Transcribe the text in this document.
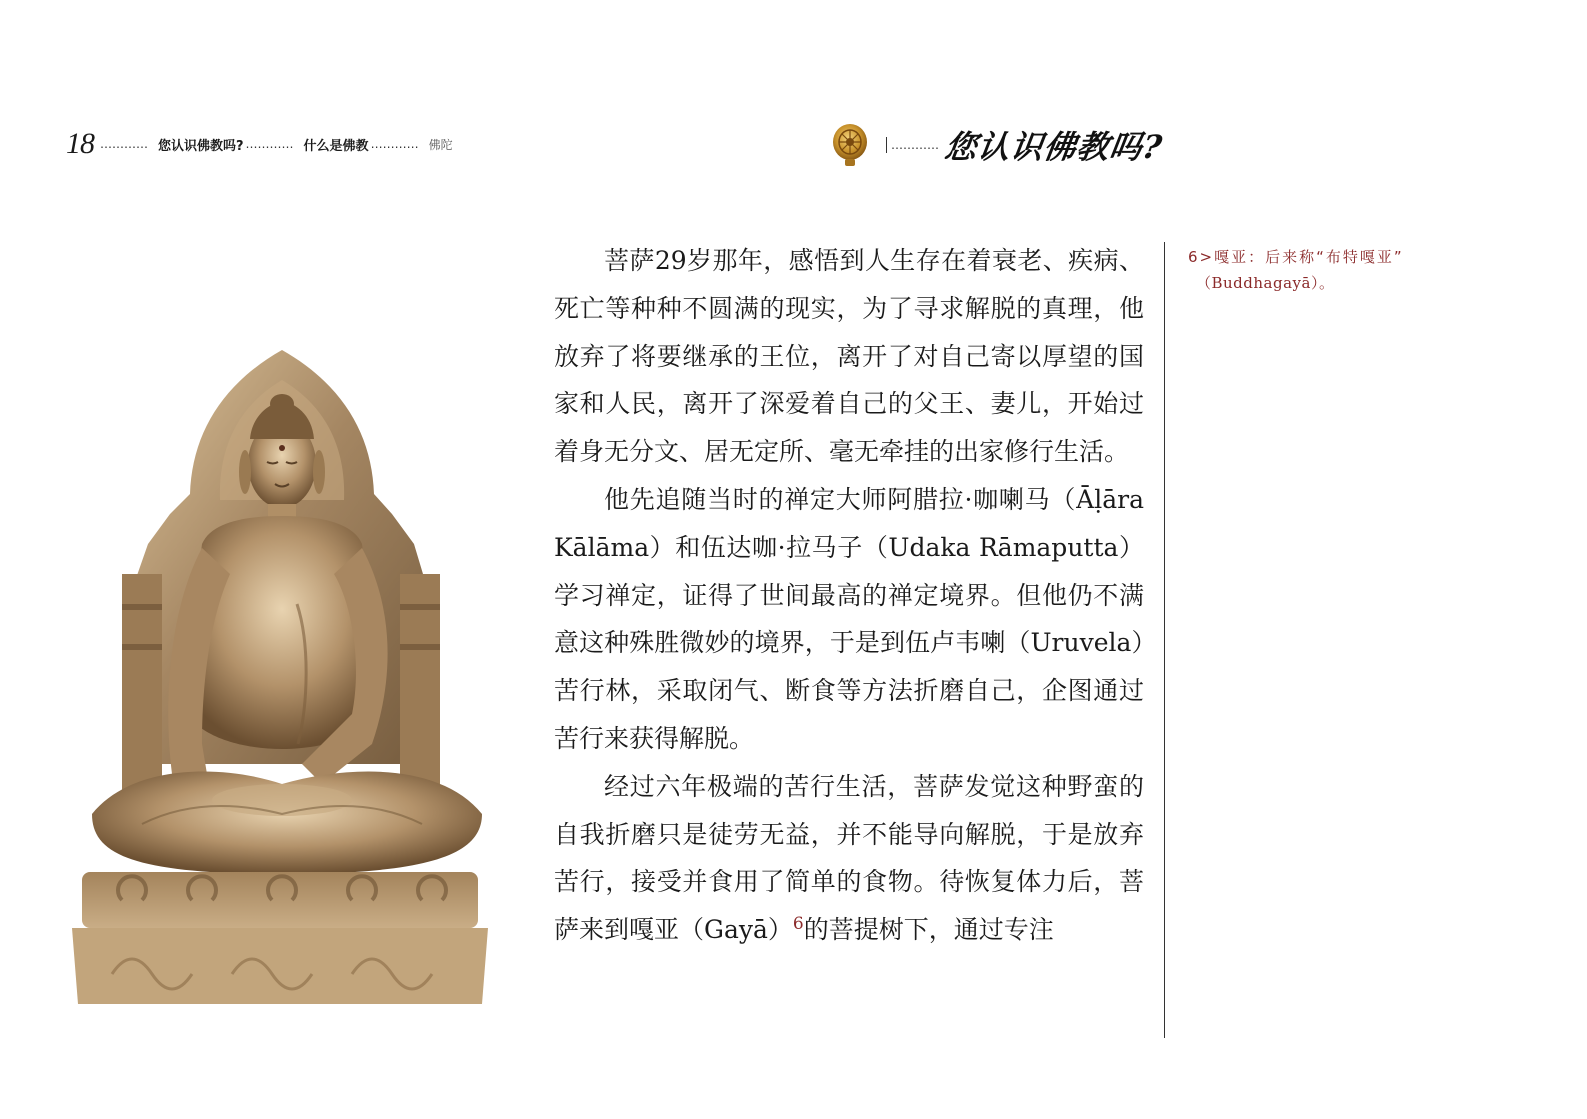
18 ………… 您认识佛教吗? ………… 什么是佛教 ………… 佛陀	………… 您认识佛教吗?

菩萨29岁那年，感悟到人生存在着衰老、疾病、死亡等种种不圆满的现实，为了寻求解脱的真理，他放弃了将要继承的王位，离开了对自己寄以厚望的国家和人民，离开了深爱着自己的父王、妻儿，开始过着身无分文、居无定所、毫无牵挂的出家修行生活。

他先追随当时的禅定大师阿腊拉·咖喇马（Āḷāra Kālāma）和伍达咖·拉马子（Udaka Rāmaputta）学习禅定，证得了世间最高的禅定境界。但他仍不满意这种殊胜微妙的境界，于是到伍卢韦喇（Uruvela）苦行林，采取闭气、断食等方法折磨自己，企图通过苦行来获得解脱。

经过六年极端的苦行生活，菩萨发觉这种野蛮的自我折磨只是徒劳无益，并不能导向解脱，于是放弃苦行，接受并食用了简单的食物。待恢复体力后，菩萨来到嘎亚（Gayā）$^6$的菩提树下，通过专注

6>嘎亚：后来称“布特嘎亚”
（Buddhagayā）。
